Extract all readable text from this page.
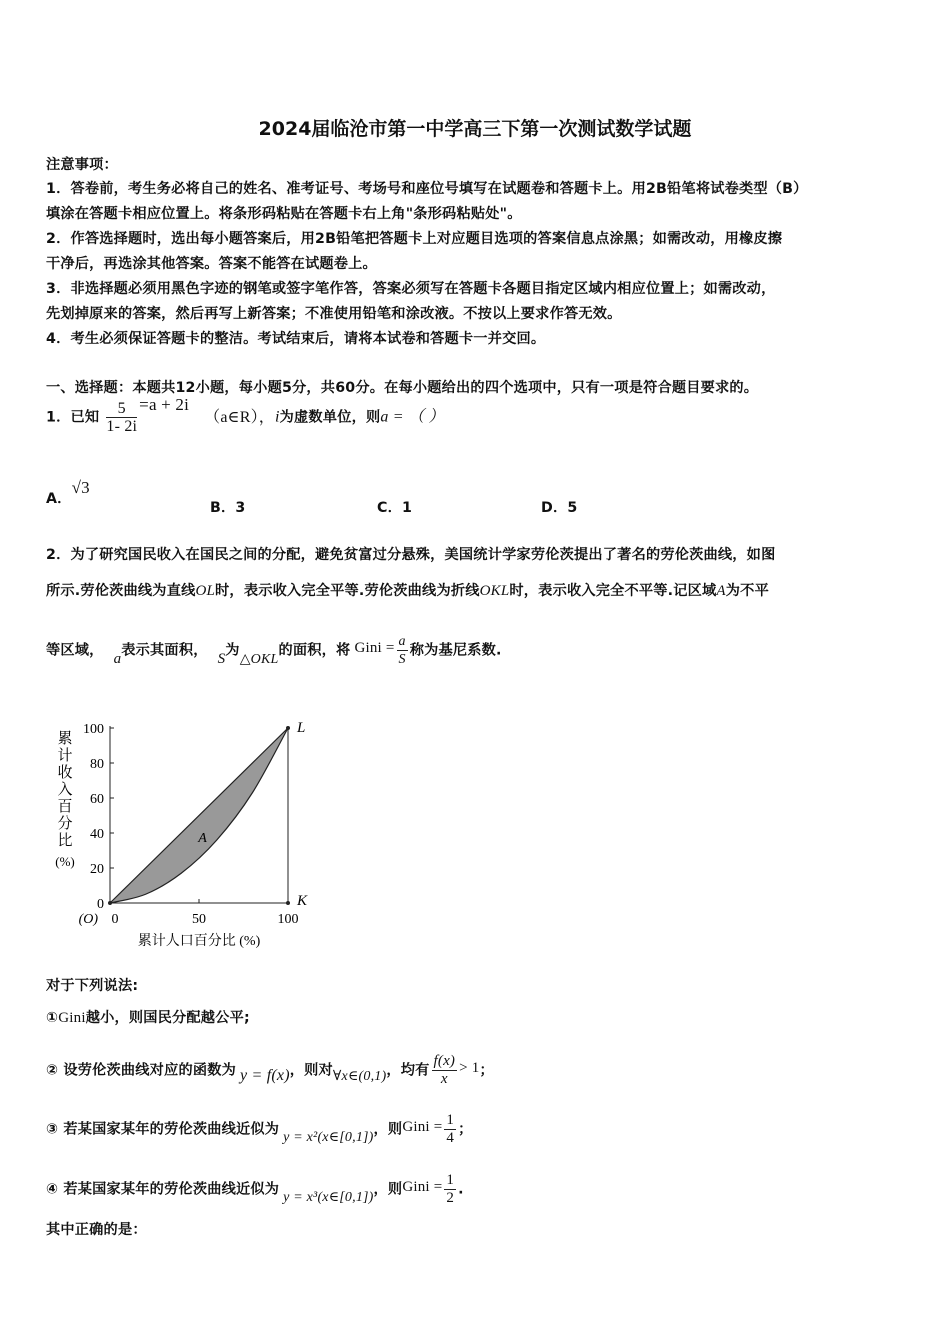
2024届临沧市第一中学高三下第一次测试数学试题
注意事项：
1．答卷前，考生务必将自己的姓名、准考证号、考场号和座位号填写在试题卷和答题卡上。用2B铅笔将试卷类型（B）
填涂在答题卡相应位置上。将条形码粘贴在答题卡右上角"条形码粘贴处"。
2．作答选择题时，选出每小题答案后，用2B铅笔把答题卡上对应题目选项的答案信息点涂黑；如需改动，用橡皮擦
干净后，再选涂其他答案。答案不能答在试题卷上。
3．非选择题必须用黑色字迹的钢笔或签字笔作答，答案必须写在答题卡各题目指定区域内相应位置上；如需改动，
先划掉原来的答案，然后再写上新答案；不准使用铅笔和涂改液。不按以上要求作答无效。
4．考生必须保证答题卡的整洁。考试结束后，请将本试卷和答题卡一并交回。
一、选择题：本题共12小题，每小题5分，共60分。在每小题给出的四个选项中，只有一项是符合题目要求的。
1．已知 $\frac{5}{1- 2i} =a + 2i$ （a∈R），i为虚数单位，则a = （ ）
A．√3
B．3	C．1	D．5
2．为了研究国民收入在国民之间的分配，避免贫富过分悬殊，美国统计学家劳伦茨提出了著名的劳伦茨曲线，如图
所示.劳伦茨曲线为直线OL时，表示收入完全平等.劳伦茨曲线为折线OKL时，表示收入完全不平等.记区域A为不平
等区域， a表示其面积， S为△OKL的面积，将 Gini = $\frac{a}{S}$ 称为基尼系数.
0
20
40
60
80
100
0	50	100
(O)
累计人口百分比 (%)
累
计
收
入
百
分
比
(%)
L
K
A
对于下列说法:
①Gini越小，则国民分配越公平;
② 设劳伦茨曲线对应的函数为 y = f(x)，则对∀x∈(0,1)，均有 $\frac{f(x)}{x} > 1$；
③ 若某国家某年的劳伦茨曲线近似为 y = x²(x∈[0,1])，则Gini = $\frac{1}{4}$ ；
④ 若某国家某年的劳伦茨曲线近似为 y = x³(x∈[0,1])，则Gini = $\frac{1}{2}$ .
其中正确的是：
